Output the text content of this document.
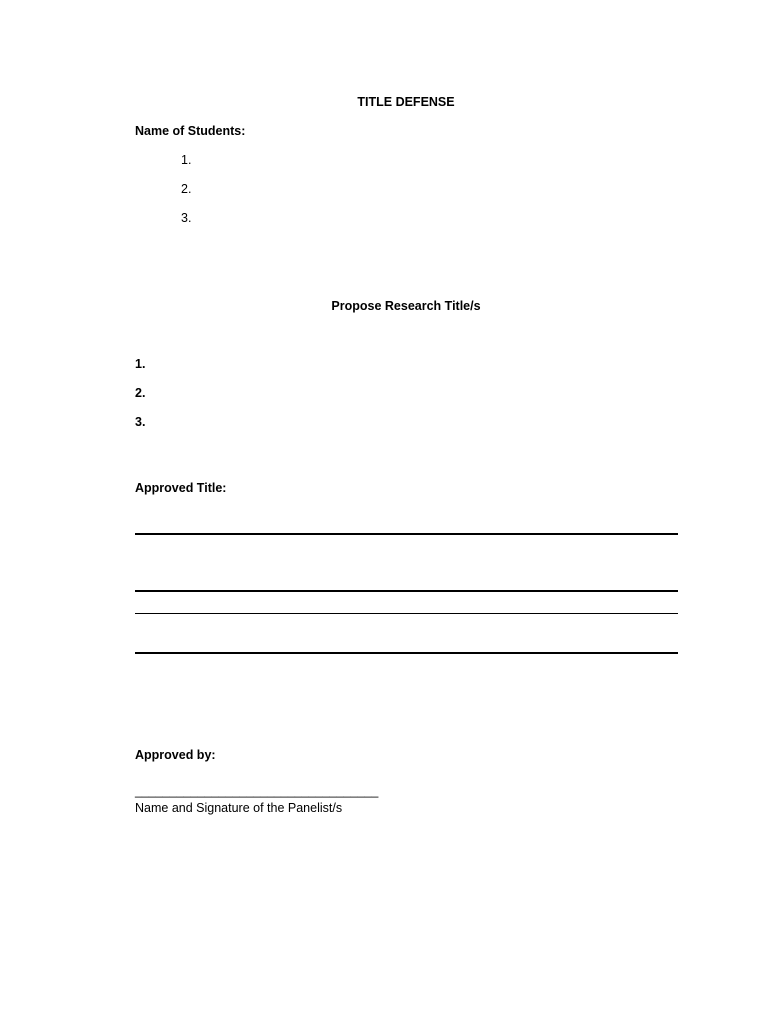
TITLE DEFENSE
Name of Students:
1.
2.
3.
Propose Research Title/s
1.
2.
3.
Approved Title:
Approved by:
___________________________________
Name and Signature of the Panelist/s
